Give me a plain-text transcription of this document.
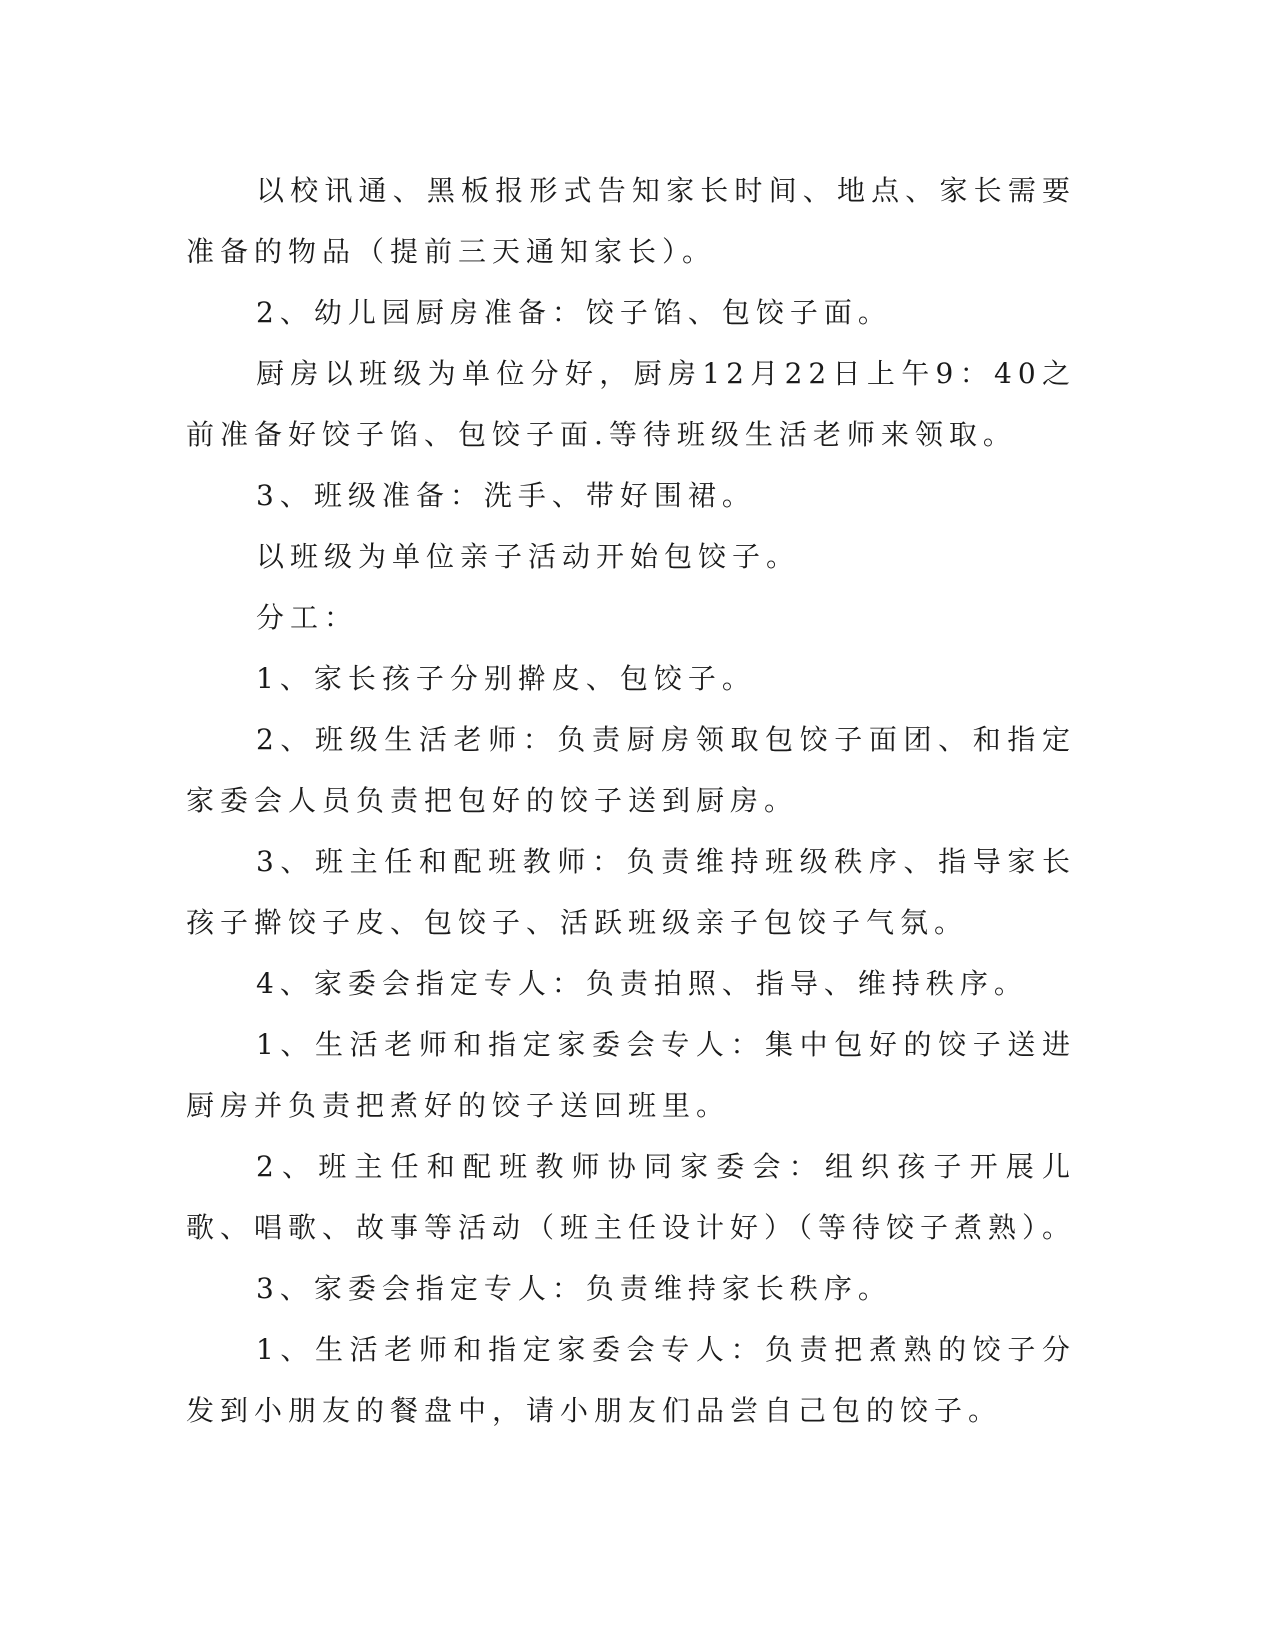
以校讯通、黑板报形式告知家长时间、地点、家长需要准备的物品（提前三天通知家长）。

2、幼儿园厨房准备：饺子馅、包饺子面。

厨房以班级为单位分好，厨房12月22日上午9：40之前准备好饺子馅、包饺子面.等待班级生活老师来领取。

3、班级准备：洗手、带好围裙。

以班级为单位亲子活动开始包饺子。

分工：

1、家长孩子分别擀皮、包饺子。

2、班级生活老师：负责厨房领取包饺子面团、和指定家委会人员负责把包好的饺子送到厨房。

3、班主任和配班教师：负责维持班级秩序、指导家长孩子擀饺子皮、包饺子、活跃班级亲子包饺子气氛。

4、家委会指定专人：负责拍照、指导、维持秩序。

1、生活老师和指定家委会专人：集中包好的饺子送进厨房并负责把煮好的饺子送回班里。

2、班主任和配班教师协同家委会：组织孩子开展儿歌、唱歌、故事等活动（班主任设计好）（等待饺子煮熟）。

3、家委会指定专人：负责维持家长秩序。

1、生活老师和指定家委会专人：负责把煮熟的饺子分发到小朋友的餐盘中，请小朋友们品尝自己包的饺子。
